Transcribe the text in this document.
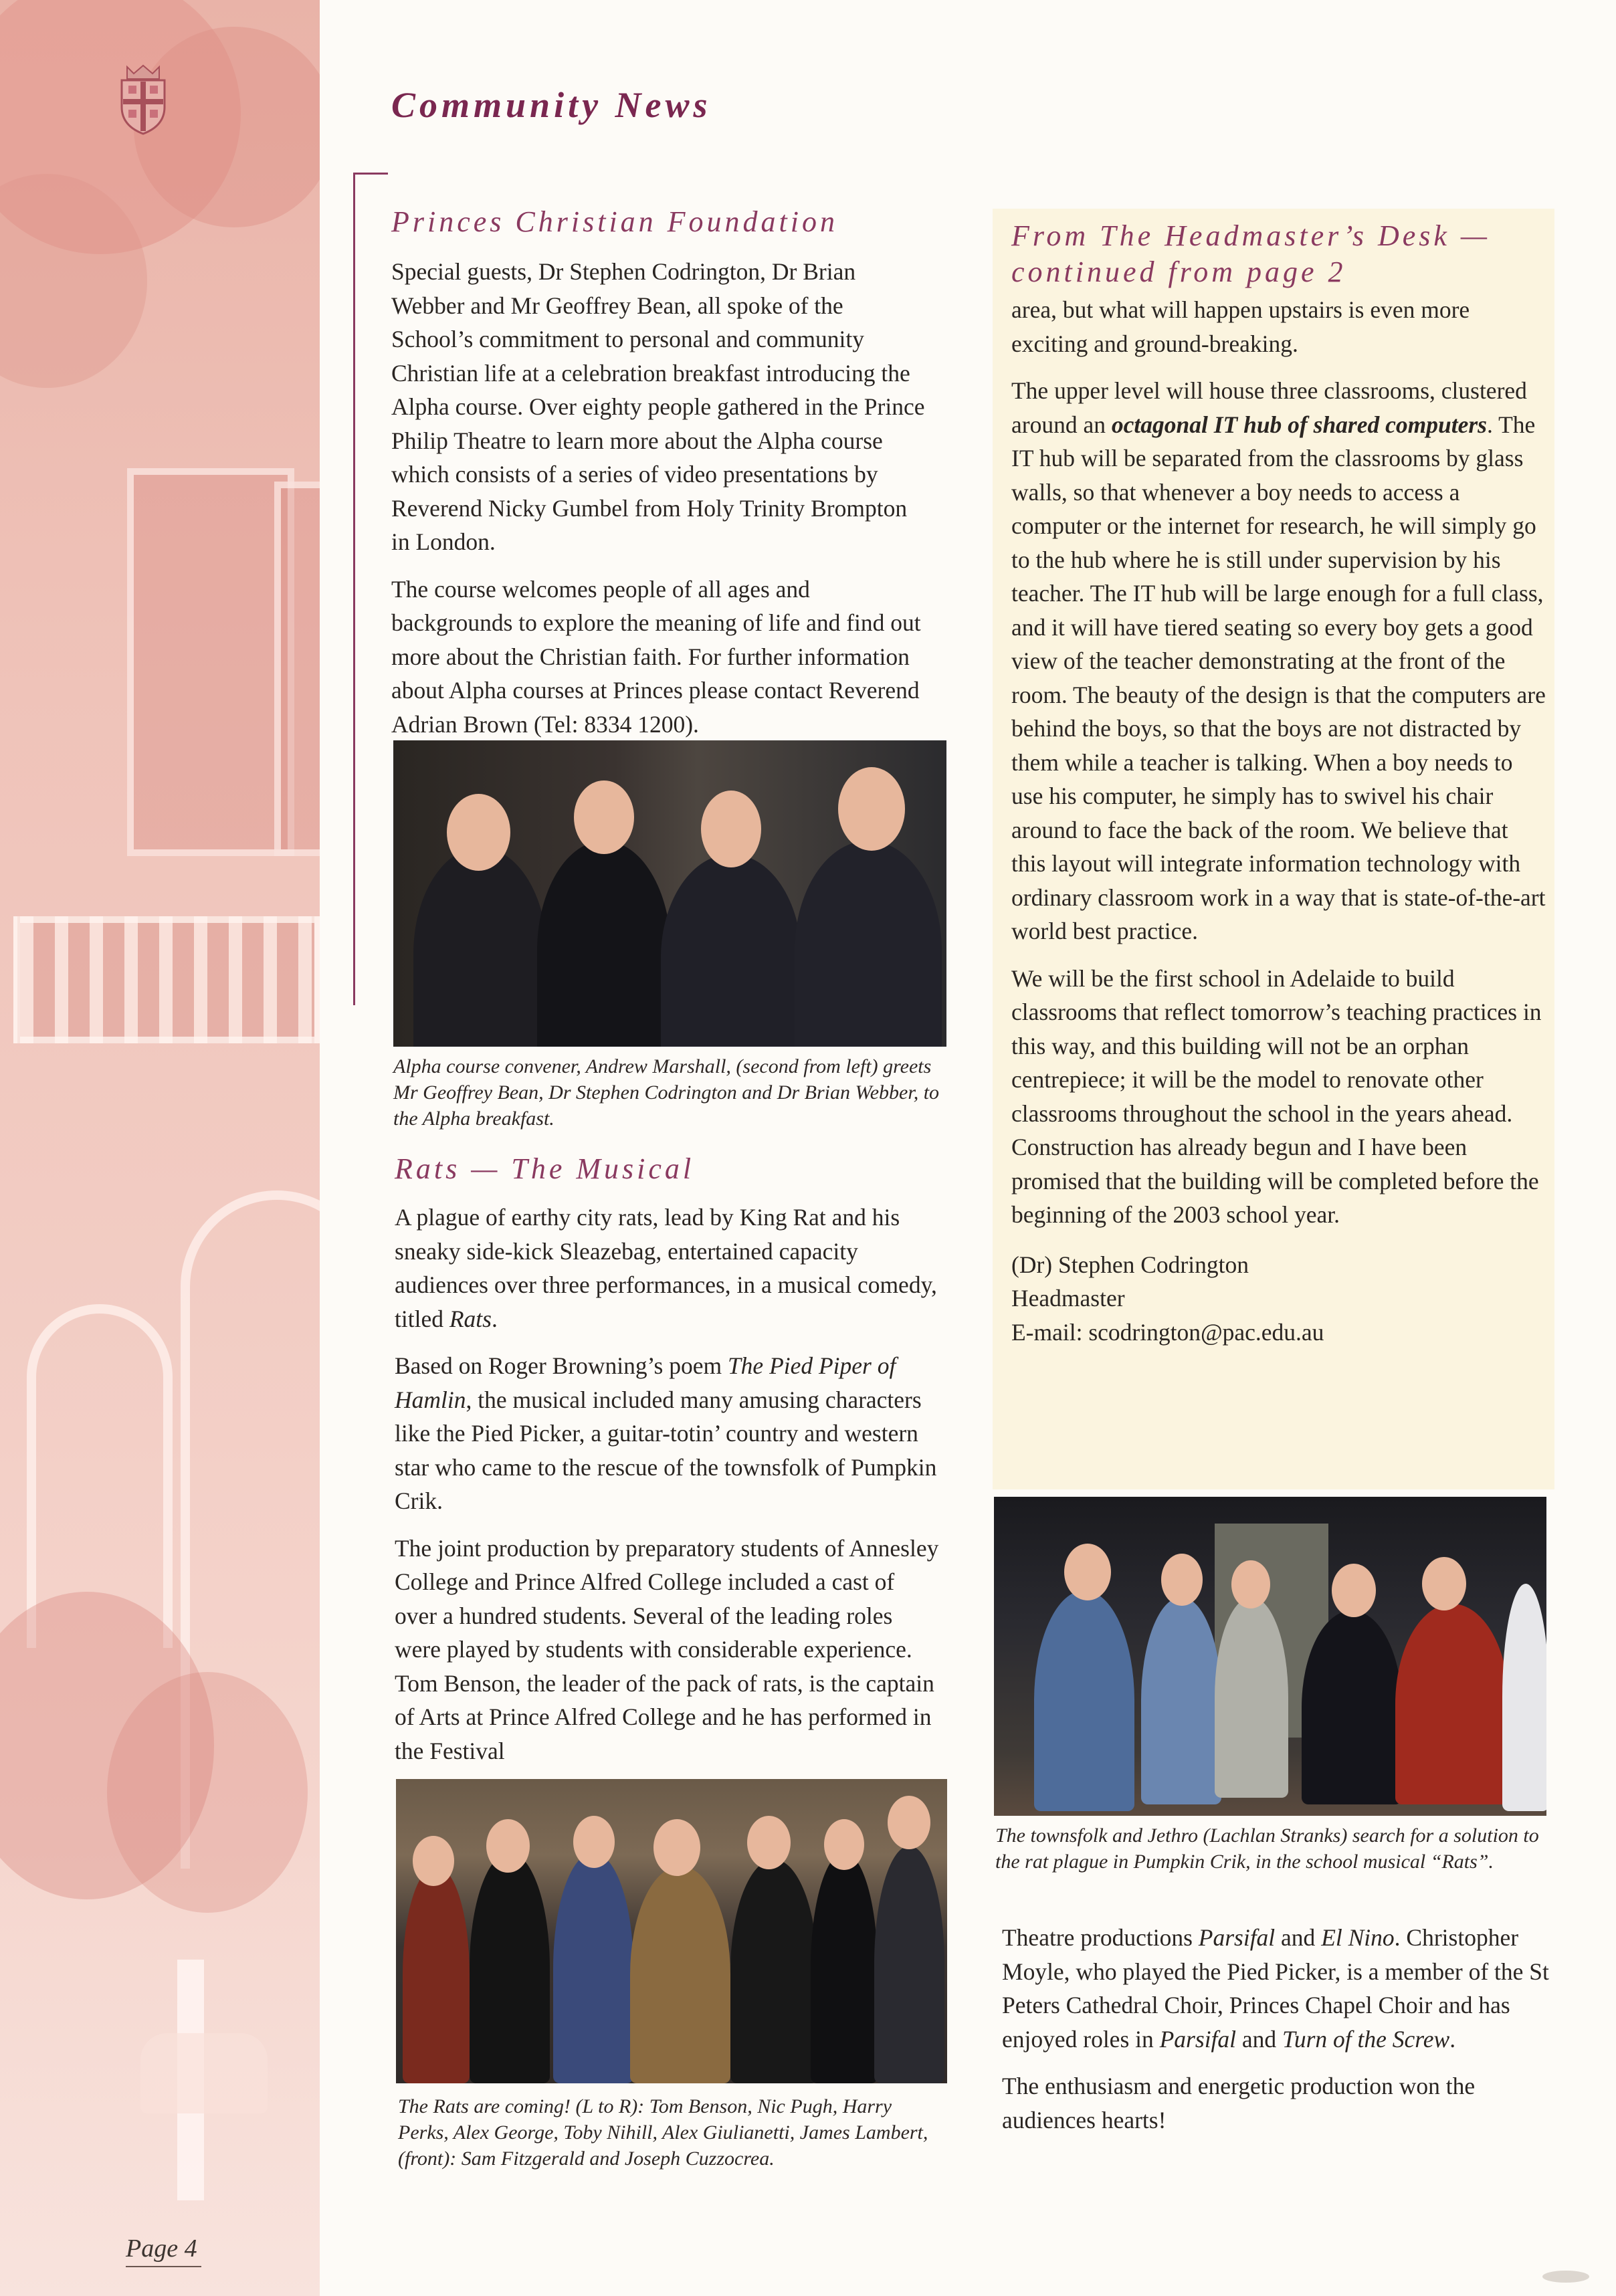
Page 4
Community News
Princes Christian Foundation

Special guests, Dr Stephen Codrington, Dr Brian Webber and Mr Geoffrey Bean, all spoke of the School’s commitment to personal and community Christian life at a celebration breakfast introducing the Alpha course. Over eighty people gathered in the Prince Philip Theatre to learn more about the Alpha course which consists of a series of video presentations by Reverend Nicky Gumbel from Holy Trinity Brompton in London.

The course welcomes people of all ages and backgrounds to explore the meaning of life and find out more about the Christian faith. For further information about Alpha courses at Princes please contact Reverend Adrian Brown (Tel: 8334 1200).

Alpha course convener, Andrew Marshall, (second from left) greets Mr Geoffrey Bean, Dr Stephen Codrington and Dr Brian Webber, to the Alpha breakfast.

Rats — The Musical

A plague of earthy city rats, lead by King Rat and his sneaky side-kick Sleazebag, entertained capacity audiences over three performances, in a musical comedy, titled Rats.

Based on Roger Browning’s poem The Pied Piper of Hamlin, the musical included many amusing characters like the Pied Picker, a guitar-totin’ country and western star who came to the rescue of the townsfolk of Pumpkin Crik.

The joint production by preparatory students of Annesley College and Prince Alfred College included a cast of over a hundred students. Several of the leading roles were played by students with considerable experience. Tom Benson, the leader of the pack of rats, is the captain of Arts at Prince Alfred College and he has performed in the Festival

The Rats are coming! (L to R): Tom Benson, Nic Pugh, Harry Perks, Alex George, Toby Nihill, Alex Giulianetti, James Lambert, (front): Sam Fitzgerald and Joseph Cuzzocrea.

From The Headmaster’s Desk —
continued from page 2

area, but what will happen upstairs is even more exciting and ground-breaking.

The upper level will house three classrooms, clustered around an octagonal IT hub of shared computers. The IT hub will be separated from the classrooms by glass walls, so that whenever a boy needs to access a computer or the internet for research, he will simply go to the hub where he is still under supervision by his teacher. The IT hub will be large enough for a full class, and it will have tiered seating so every boy gets a good view of the teacher demonstrating at the front of the room. The beauty of the design is that the computers are behind the boys, so that the boys are not distracted by them while a teacher is talking. When a boy needs to use his computer, he simply has to swivel his chair around to face the back of the room. We believe that this layout will integrate information technology with ordinary classroom work in a way that is state-of-the-art world best practice.

We will be the first school in Adelaide to build classrooms that reflect tomorrow’s teaching practices in this way, and this building will not be an orphan centrepiece; it will be the model to renovate other classrooms throughout the school in the years ahead. Construction has already begun and I have been promised that the building will be completed before the beginning of the 2003 school year.

(Dr) Stephen Codrington

Headmaster

E-mail: scodrington@pac.edu.au

The townsfolk and Jethro (Lachlan Stranks) search for a solution to the rat plague in Pumpkin Crik, in the school musical “Rats”.

Theatre productions Parsifal and El Nino. Christopher Moyle, who played the Pied Picker, is a member of the St Peters Cathedral Choir, Princes Chapel Choir and has enjoyed roles in Parsifal and Turn of the Screw.

The enthusiasm and energetic production won the audiences hearts!
